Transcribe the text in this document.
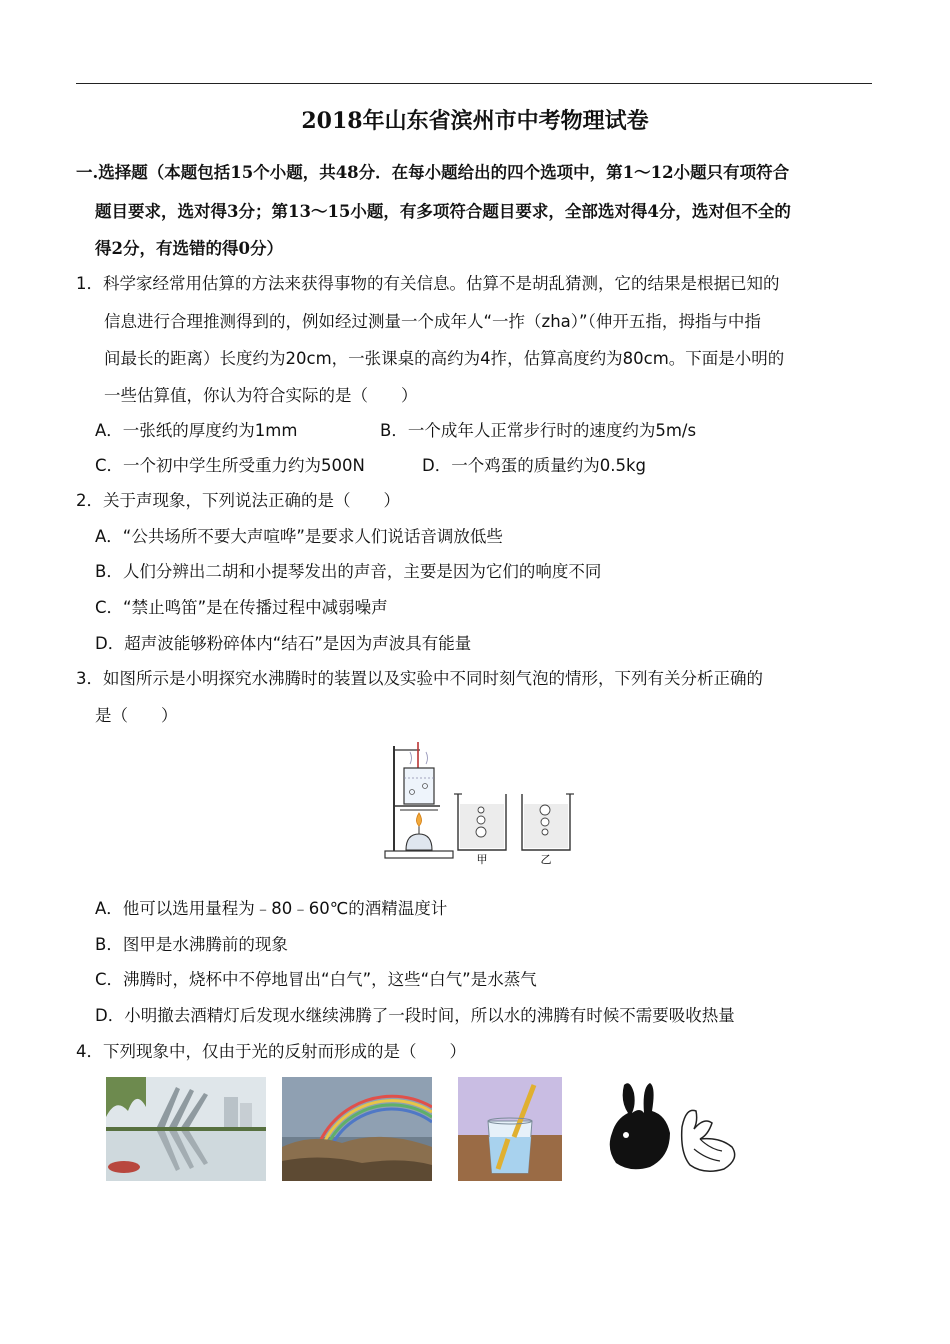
2018年山东省滨州市中考物理试卷
一.选择题（本题包括15个小题，共48分．在每小题给出的四个选项中，第1～12小题只有项符合
题目要求，选对得3分；第13～15小题，有多项符合题目要求，全部选对得4分，选对但不全的
得2分，有选错的得0分）
1．科学家经常用估算的方法来获得事物的有关信息。估算不是胡乱猜测，它的结果是根据已知的
信息进行合理推测得到的，例如经过测量一个成年人“一拃（zha）”（伸开五指，拇指与中指
间最长的距离）长度约为20cm，一张课桌的高约为4拃，估算高度约为80cm。下面是小明的
一些估算值，你认为符合实际的是（　　）
A．一张纸的厚度约为1mm	B．一个成年人正常步行时的速度约为5m/s
C．一个初中学生所受重力约为500N	D．一个鸡蛋的质量约为0.5kg
2．关于声现象，下列说法正确的是（　　）
A．“公共场所不要大声喧哗”是要求人们说话音调放低些
B．人们分辨出二胡和小提琴发出的声音，主要是因为它们的响度不同
C．“禁止鸣笛”是在传播过程中减弱噪声
D．超声波能够粉碎体内“结石”是因为声波具有能量
3．如图所示是小明探究水沸腾时的装置以及实验中不同时刻气泡的情形，下列有关分析正确的
是（　　）
甲	乙
A．他可以选用量程为﹣80﹣60℃的酒精温度计
B．图甲是水沸腾前的现象
C．沸腾时，烧杯中不停地冒出“白气”，这些“白气”是水蒸气
D．小明撤去酒精灯后发现水继续沸腾了一段时间，所以水的沸腾有时候不需要吸收热量
4．下列现象中，仅由于光的反射而形成的是（　　）
